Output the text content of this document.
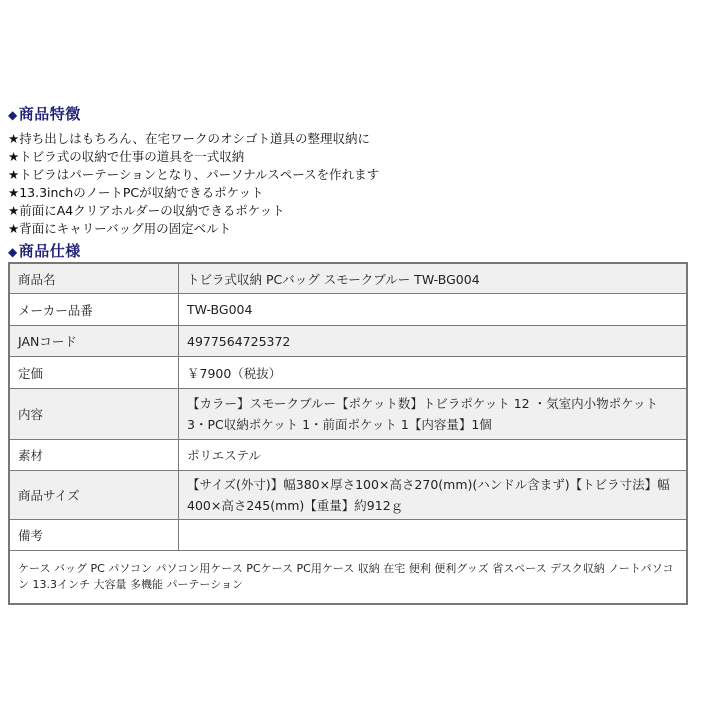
◆商品特徴
★持ち出しはもちろん、在宅ワークのオシゴト道具の整理収納に
★トビラ式の収納で仕事の道具を一式収納
★トビラはパーテーションとなり、パーソナルスペースを作れます
★13.3inchのノートPCが収納できるポケット
★前面にA4クリアホルダーの収納できるポケット
★背面にキャリーバッグ用の固定ベルト
◆商品仕様
商品名	トビラ式収納 PCバッグ スモークブルー TW-BG004
メーカー品番	TW-BG004
JANコード	4977564725372
定価	￥7900（税抜）
内容	【カラー】スモークブルー【ポケット数】トビラポケット 12 ・気室内小物ポケット 3・PC収納ポケット 1・前面ポケット 1【内容量】1個
素材	ポリエステル
商品サイズ	【サイズ(外寸)】幅380×厚さ100×高さ270(mm)(ハンドル含まず)【トビラ寸法】幅400×高さ245(mm)【重量】約912ｇ
備考	
ケース バッグ PC パソコン パソコン用ケース PCケース PC用ケース 収納 在宅 便利 便利グッズ 省スペース デスク収納 ノートパソコン 13.3インチ 大容量 多機能 パーテーション	
